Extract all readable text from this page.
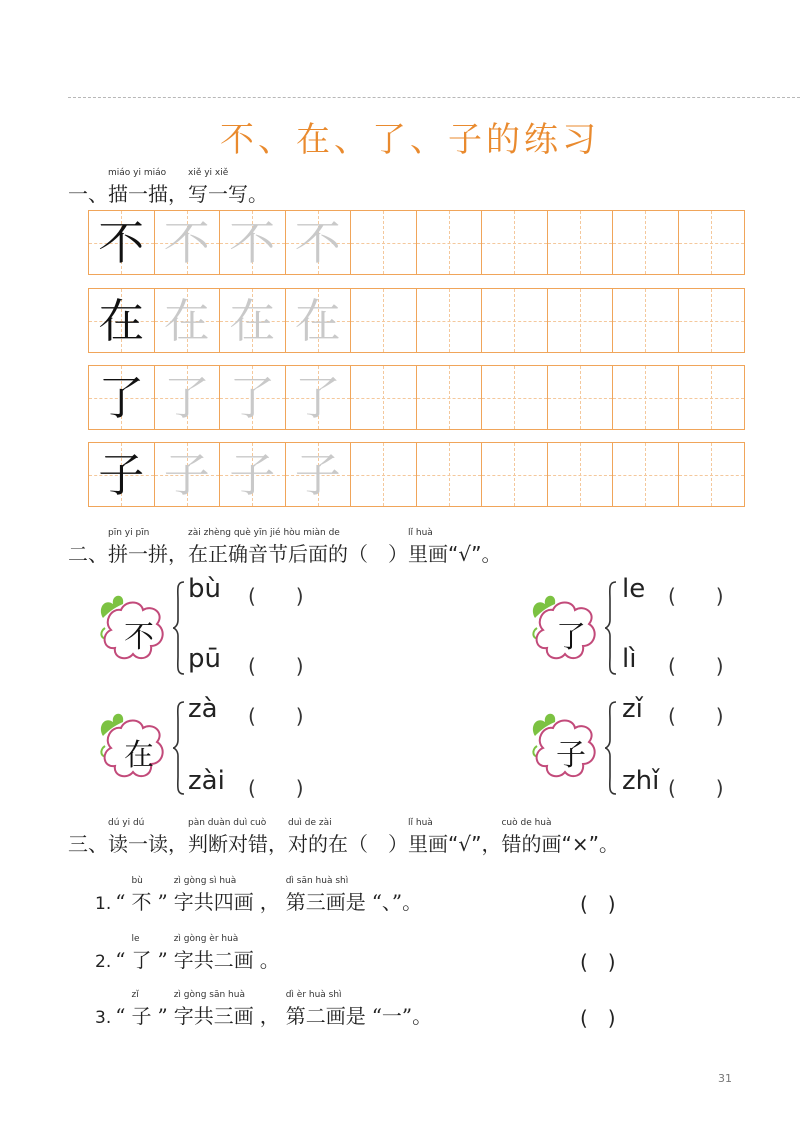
不、在、了、子的练习
一、描一描
miáo yi miáo
，写一写
xiě yi xiě
。
不 不 不 不
在 在 在 在
了 了 了 了
子 子 子 子
二、拼一拼
pīn yi pīn
，在正确音节后面的
zài zhèng què yīn jié hòu miàn de
（　）里画
lǐ huà
“√”。
不
bù (　　)
pū (　　)
了
le (　　)
lì (　　)
在
zà (　　)
zài (　　)
子
zǐ (　　)
zhǐ (　　)
三、读一读
dú yi dú
，判断对错
pàn duàn duì cuò
，对的在
duì de zài
（　）里画
lǐ huà
“√”，错的画
cuò de huà
“×”。
1. “ 不
bù
” 字共四画
zì gòng sì huà
， 第三画是
dì sān huà shì
“、”。	(　)
2. “ 了
le
” 字共二画
zì gòng èr huà
。	(　)
3. “ 子
zǐ
” 字共三画
zì gòng sān huà
， 第二画是
dì èr huà shì
“一”。	(　)
31
